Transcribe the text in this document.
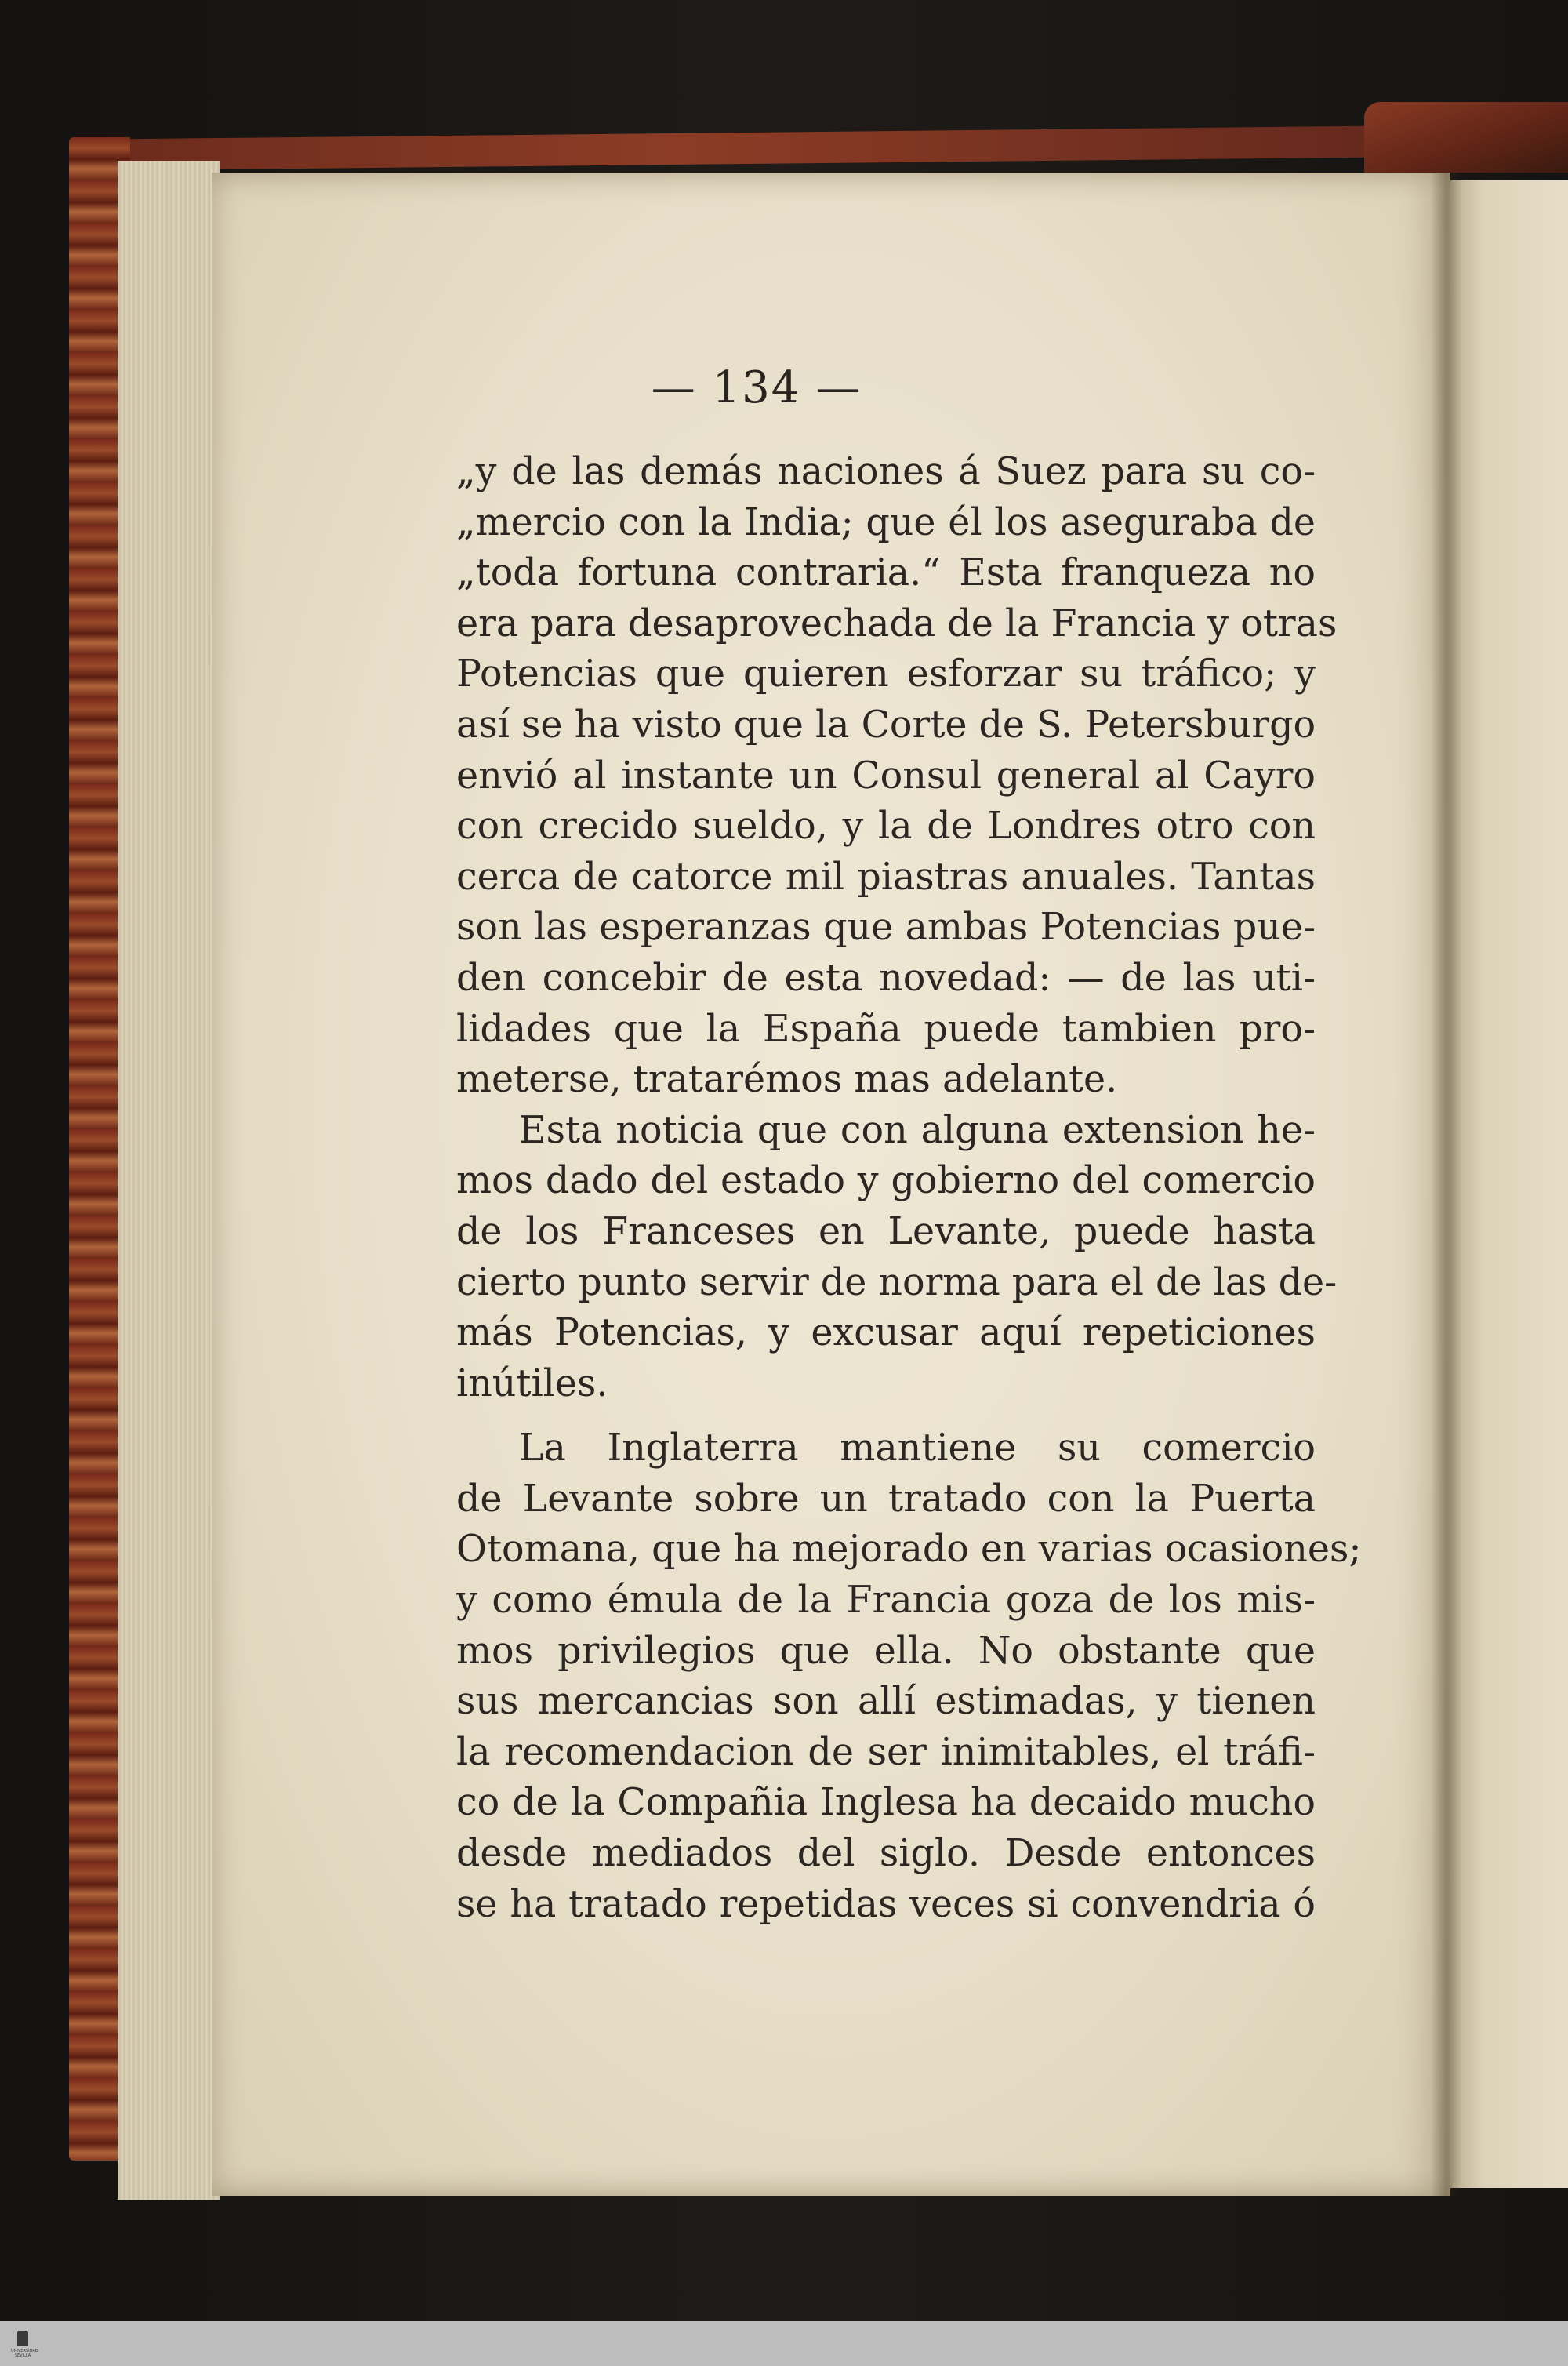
— 134 —
„y de las demás naciones á Suez para su co-
„mercio con la India; que él los aseguraba de
„toda fortuna contraria.“ Esta franqueza no
era para desaprovechada de la Francia y otras
Potencias que quieren esforzar su tráfico; y
así se ha visto que la Corte de S. Petersburgo
envió al instante un Consul general al Cayro
con crecido sueldo, y la de Londres otro con
cerca de catorce mil piastras anuales. Tantas
son las esperanzas que ambas Potencias pue-
den concebir de esta novedad: — de las uti-
lidades que la España puede tambien pro-
meterse, tratarémos mas adelante.
Esta noticia que con alguna extension he-
mos dado del estado y gobierno del comercio
de los Franceses en Levante, puede hasta
cierto punto servir de norma para el de las de-
más Potencias, y excusar aquí repeticiones
inútiles.
La Inglaterra mantiene su comercio
de Levante sobre un tratado con la Puerta
Otomana, que ha mejorado en varias ocasiones;
y como émula de la Francia goza de los mis-
mos privilegios que ella. No obstante que
sus mercancias son allí estimadas, y tienen
la recomendacion de ser inimitables, el tráfi-
co de la Compañia Inglesa ha decaido mucho
desde mediados del siglo. Desde entonces
se ha tratado repetidas veces si convendria ó
UNIVERSIDAD SEVILLA
